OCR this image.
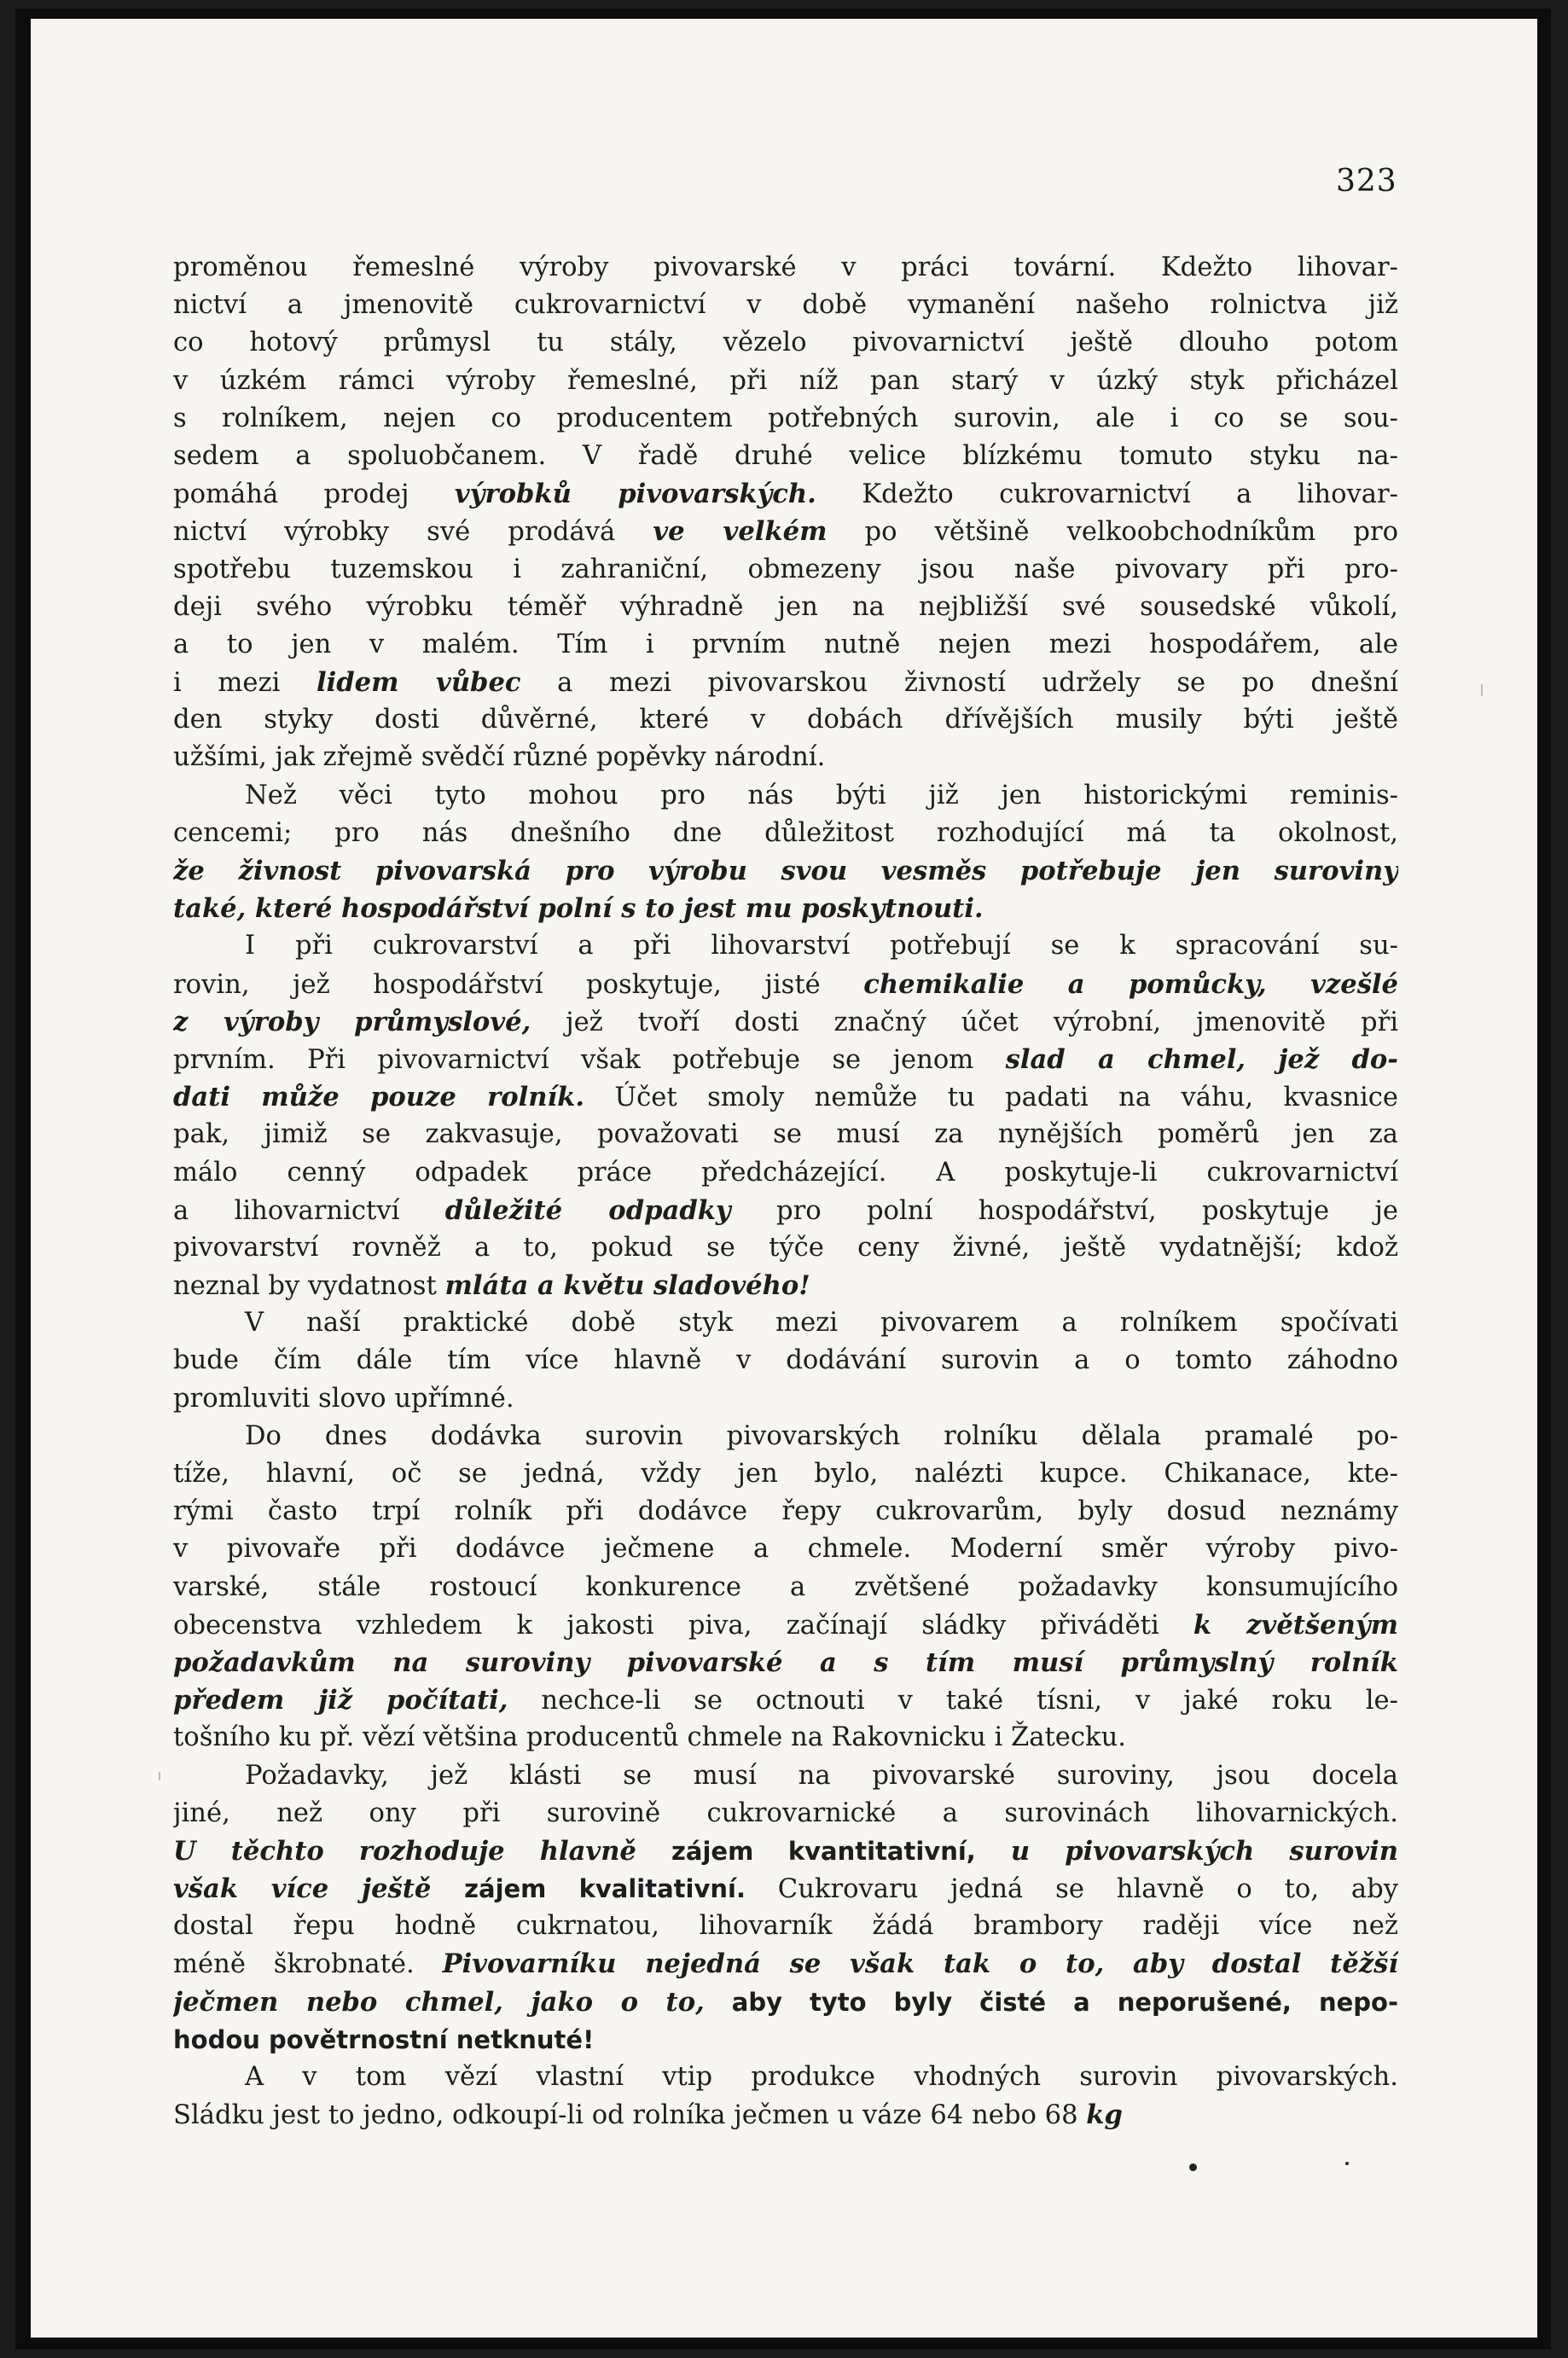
323
proměnou řemeslné výroby pivovarské v práci tovární. Kdežto lihovar-
nictví a jmenovitě cukrovarnictví v době vymanění našeho rolnictva již
co hotový průmysl tu stály, vězelo pivovarnictví ještě dlouho potom
v úzkém rámci výroby řemeslné, při níž pan starý v úzký styk přicházel
s rolníkem, nejen co producentem potřebných surovin, ale i co se sou-
sedem a spoluobčanem. V řadě druhé velice blízkému tomuto styku na-
pomáhá prodej výrobků pivovarských. Kdežto cukrovarnictví a lihovar-
nictví výrobky své prodává ve velkém po většině velkoobchodníkům pro
spotřebu tuzemskou i zahraniční, obmezeny jsou naše pivovary při pro-
deji svého výrobku téměř výhradně jen na nejbližší své sousedské vůkolí,
a to jen v malém. Tím i prvním nutně nejen mezi hospodářem, ale
i mezi lidem vůbec a mezi pivovarskou živností udržely se po dnešní
den styky dosti důvěrné, které v dobách dřívějších musily býti ještě
užšími, jak zřejmě svědčí různé popěvky národní.
Než věci tyto mohou pro nás býti již jen historickými reminis-
cencemi; pro nás dnešního dne důležitost rozhodující má ta okolnost,
že živnost pivovarská pro výrobu svou vesměs potřebuje jen suroviny
také, které hospodářství polní s to jest mu poskytnouti.
I při cukrovarství a při lihovarství potřebují se k spracování su-
rovin, jež hospodářství poskytuje, jisté chemikalie a pomůcky, vzešlé
z výroby průmyslové, jež tvoří dosti značný účet výrobní, jmenovitě při
prvním. Při pivovarnictví však potřebuje se jenom slad a chmel, jež do-
dati může pouze rolník. Účet smoly nemůže tu padati na váhu, kvasnice
pak, jimiž se zakvasuje, považovati se musí za nynějších poměrů jen za
málo cenný odpadek práce předcházející. A poskytuje-li cukrovarnictví
a lihovarnictví důležité odpadky pro polní hospodářství, poskytuje je
pivovarství rovněž a to, pokud se týče ceny živné, ještě vydatnější; kdož
neznal by vydatnost mláta a květu sladového!
V naší praktické době styk mezi pivovarem a rolníkem spočívati
bude čím dále tím více hlavně v dodávání surovin a o tomto záhodno
promluviti slovo upřímné.
Do dnes dodávka surovin pivovarských rolníku dělala pramalé po-
tíže, hlavní, oč se jedná, vždy jen bylo, nalézti kupce. Chikanace, kte-
rými často trpí rolník při dodávce řepy cukrovarům, byly dosud neznámy
v pivovaře při dodávce ječmene a chmele. Moderní směr výroby pivo-
varské, stále rostoucí konkurence a zvětšené požadavky konsumujícího
obecenstva vzhledem k jakosti piva, začínají sládky přiváděti k zvětšeným
požadavkům na suroviny pivovarské a s tím musí průmyslný rolník
předem již počítati, nechce-li se octnouti v také tísni, v jaké roku le-
tošního ku př. vězí většina producentů chmele na Rakovnicku i Žatecku.
Požadavky, jež klásti se musí na pivovarské suroviny, jsou docela
jiné, než ony při surovině cukrovarnické a surovinách lihovarnických.
U těchto rozhoduje hlavně zájem kvantitativní, u pivovarských surovin
však více ještě zájem kvalitativní. Cukrovaru jedná se hlavně o to, aby
dostal řepu hodně cukrnatou, lihovarník žádá brambory raději více než
méně škrobnaté. Pivovarníku nejedná se však tak o to, aby dostal těžší
ječmen nebo chmel, jako o to, aby tyto byly čisté a neporušené, nepo-
hodou povětrnostní netknuté!
A v tom vězí vlastní vtip produkce vhodných surovin pivovarských.
Sládku jest to jedno, odkoupí-li od rolníka ječmen u váze 64 nebo 68 kg
